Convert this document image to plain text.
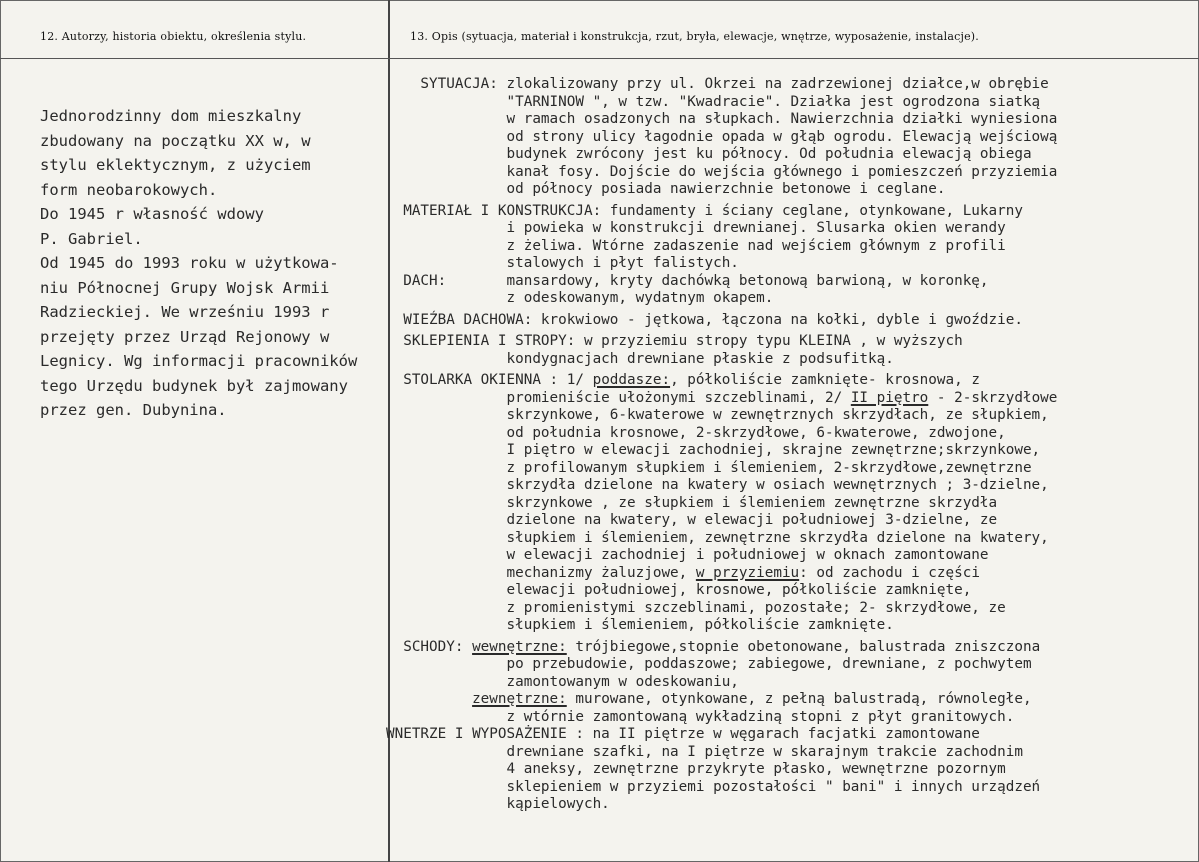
12. Autorzy, historia obiektu, określenia stylu.	13. Opis (sytuacja, materiał i konstrukcja, rzut, bryła, elewacje, wnętrze, wyposażenie, instalacje).
Jednorodzinny dom mieszkalny
zbudowany na początku XX w, w
stylu eklektycznym, z użyciem
form neobarokowych.
Do 1945 r własność wdowy
P. Gabriel.
Od 1945 do 1993 roku w użytkowa-
niu Północnej Grupy Wojsk Armii
Radzieckiej. We wrześniu 1993 r
przejęty przez Urząd Rejonowy w
Legnicy. Wg informacji pracowników
tego Urzędu budynek był zajmowany
przez gen. Dubynina.
SYTUACJA: zlokalizowany przy ul. Okrzei na zadrzewionej działce,w obrębie
"TARNINOW ", w tzw. "Kwadracie". Działka jest ogrodzona siatką
w ramach osadzonych na słupkach. Nawierzchnia działki wyniesiona
od strony ulicy łagodnie opada w głąb ogrodu. Elewacją wejściową
budynek zwrócony jest ku północy. Od południa elewacją obiega
kanał fosy. Dojście do wejścia głównego i pomieszczeń przyziemia
od północy posiada nawierzchnie betonowe i ceglane.
MATERIAŁ I KONSTRUKCJA: fundamenty i ściany ceglane, otynkowane, Lukarny
i powieka w konstrukcji drewnianej. Slusarka okien werandy
z żeliwa. Wtórne zadaszenie nad wejściem głównym z profili
stalowych i płyt falistych.
DACH:       mansardowy, kryty dachówką betonową barwioną, w koronkę,
z odeskowanym, wydatnym okapem.
WIEŹBA DACHOWA: krokwiowo - jętkowa, łączona na kołki, dyble i gwoździe.
SKLEPIENIA I STROPY: w przyziemiu stropy typu KLEINA , w wyższych
kondygnacjach drewniane płaskie z podsufitką.
STOLARKA OKIENNA : 1/ poddasze:, półkoliście zamknięte- krosnowa, z
promieniście ułożonymi szczeblinami, 2/ II piętro - 2-skrzydłowe
skrzynkowe, 6-kwaterowe w zewnętrznych skrzydłach, ze słupkiem,
od południa krosnowe, 2-skrzydłowe, 6-kwaterowe, zdwojone,
I piętro w elewacji zachodniej, skrajne zewnętrzne;skrzynkowe,
z profilowanym słupkiem i ślemieniem, 2-skrzydłowe,zewnętrzne
skrzydła dzielone na kwatery w osiach wewnętrznych ; 3-dzielne,
skrzynkowe , ze słupkiem i ślemieniem zewnętrzne skrzydła
dzielone na kwatery, w elewacji południowej 3-dzielne, ze
słupkiem i ślemieniem, zewnętrzne skrzydła dzielone na kwatery,
w elewacji zachodniej i południowej w oknach zamontowane
mechanizmy żaluzjowe, w przyziemiu: od zachodu i części
elewacji południowej, krosnowe, półkoliście zamknięte,
z promienistymi szczeblinami, pozostałe; 2- skrzydłowe, ze
słupkiem i ślemieniem, półkoliście zamknięte.
SCHODY: wewnętrzne: trójbiegowe,stopnie obetonowane, balustrada zniszczona
po przebudowie, poddaszowe; zabiegowe, drewniane, z pochwytem
zamontowanym w odeskowaniu,
zewnętrzne: murowane, otynkowane, z pełną balustradą, równoległe,
z wtórnie zamontowaną wykładziną stopni z płyt granitowych.
WNETRZE I WYPOSAŻENIE : na II piętrze w węgarach facjatki zamontowane
drewniane szafki, na I piętrze w skarajnym trakcie zachodnim
4 aneksy, zewnętrzne przykryte płasko, wewnętrzne pozornym
sklepieniem w przyziemi pozostałości " bani" i innych urządzeń
kąpielowych.
